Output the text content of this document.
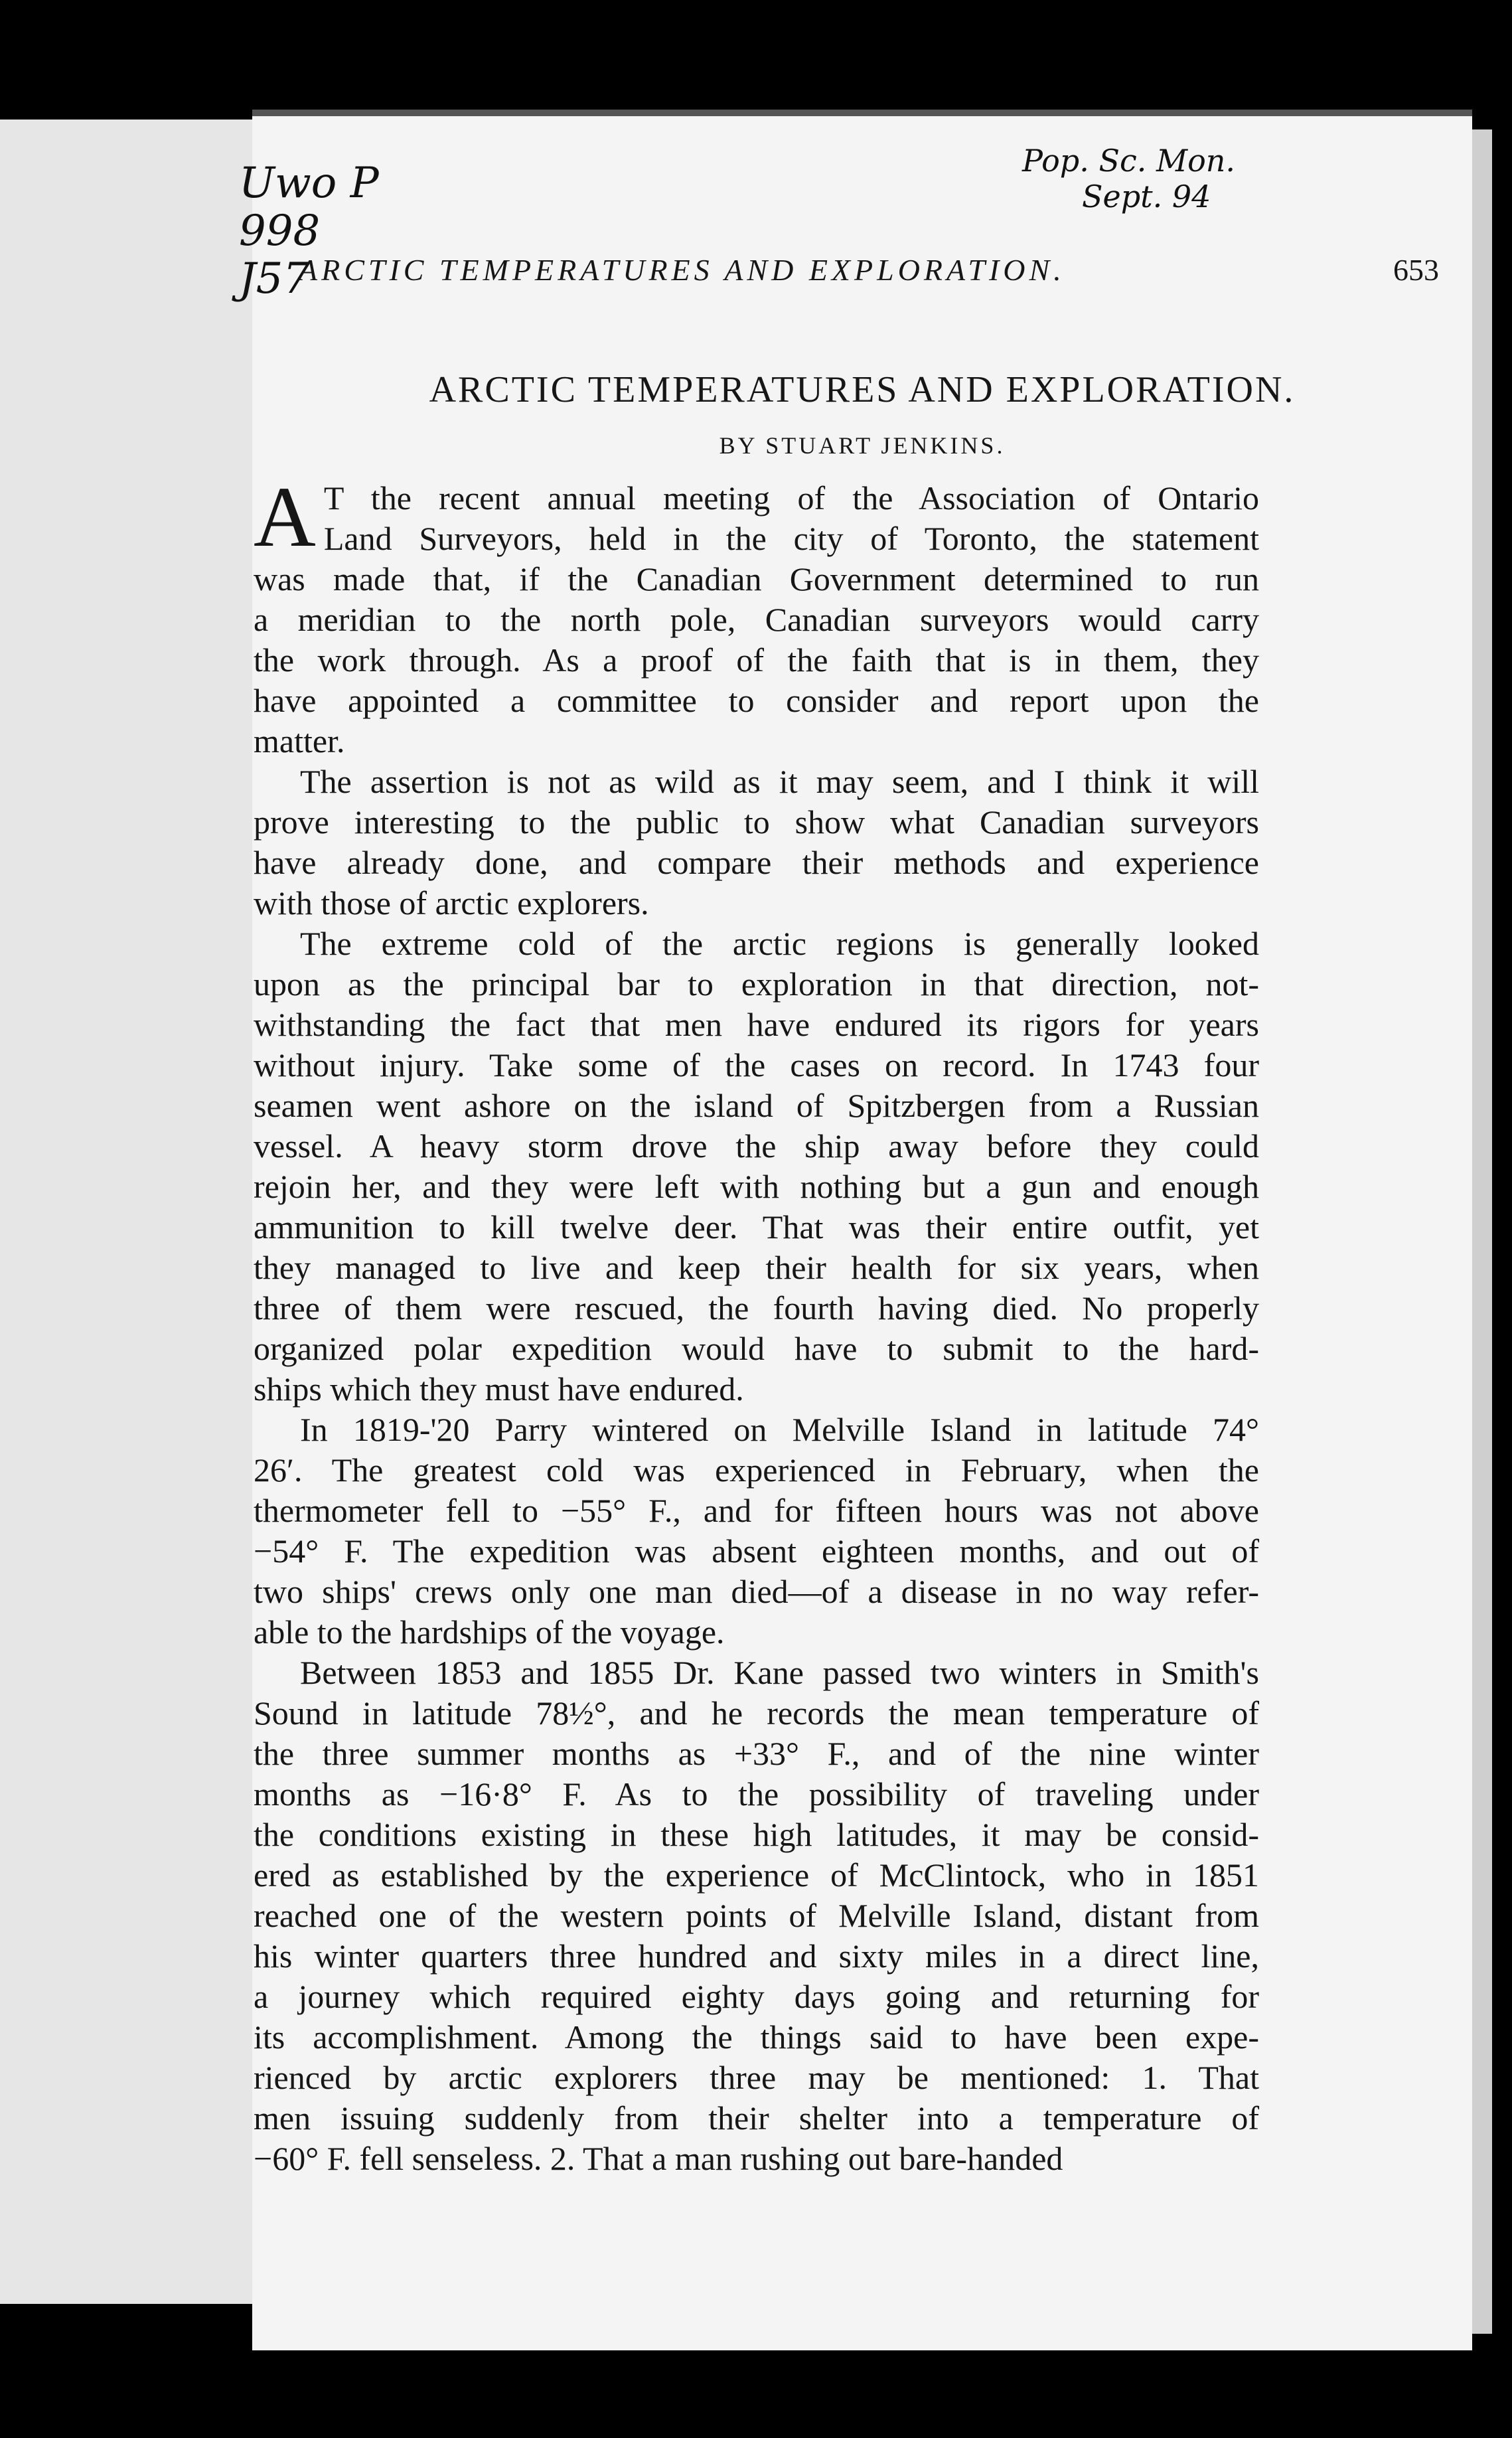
Uwo P
998
J57
Pop. Sc. Mon.
Sept. 94
ARCTIC TEMPERATURES AND EXPLORATION.	653
ARCTIC TEMPERATURES AND EXPLORATION.
BY STUART JENKINS.
A T the recent annual meeting of the Association of Ontario
Land Surveyors, held in the city of Toronto, the statement
was made that, if the Canadian Government determined to run
a meridian to the north pole, Canadian surveyors would carry
the work through. As a proof of the faith that is in them, they
have appointed a committee to consider and report upon the
matter.
The assertion is not as wild as it may seem, and I think it will
prove interesting to the public to show what Canadian surveyors
have already done, and compare their methods and experience
with those of arctic explorers.
The extreme cold of the arctic regions is generally looked
upon as the principal bar to exploration in that direction, not-
withstanding the fact that men have endured its rigors for years
without injury. Take some of the cases on record. In 1743 four
seamen went ashore on the island of Spitzbergen from a Russian
vessel. A heavy storm drove the ship away before they could
rejoin her, and they were left with nothing but a gun and enough
ammunition to kill twelve deer. That was their entire outfit, yet
they managed to live and keep their health for six years, when
three of them were rescued, the fourth having died. No properly
organized polar expedition would have to submit to the hard-
ships which they must have endured.
In 1819-'20 Parry wintered on Melville Island in latitude 74°
26′. The greatest cold was experienced in February, when the
thermometer fell to −55° F., and for fifteen hours was not above
−54° F. The expedition was absent eighteen months, and out of
two ships' crews only one man died—of a disease in no way refer-
able to the hardships of the voyage.
Between 1853 and 1855 Dr. Kane passed two winters in Smith's
Sound in latitude 78½°, and he records the mean temperature of
the three summer months as +33° F., and of the nine winter
months as −16·8° F. As to the possibility of traveling under
the conditions existing in these high latitudes, it may be consid-
ered as established by the experience of McClintock, who in 1851
reached one of the western points of Melville Island, distant from
his winter quarters three hundred and sixty miles in a direct line,
a journey which required eighty days going and returning for
its accomplishment. Among the things said to have been expe-
rienced by arctic explorers three may be mentioned: 1. That
men issuing suddenly from their shelter into a temperature of
−60° F. fell senseless. 2. That a man rushing out bare-handed
